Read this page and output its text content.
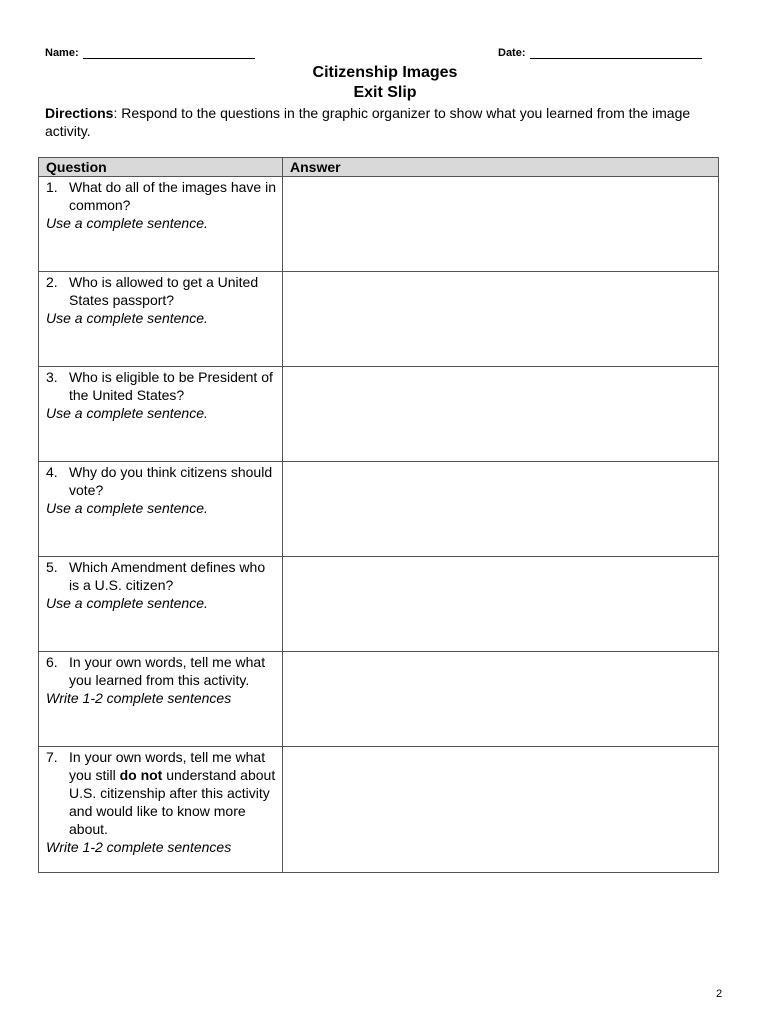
Name:	Date:
Citizenship Images
Exit Slip
Directions: Respond to the questions in the graphic organizer to show what you learned from the image activity.
Question	Answer

1. What do all of the images have in common?
Use a complete sentence.	

2. Who is allowed to get a United States passport?
Use a complete sentence.	

3. Who is eligible to be President of the United States?
Use a complete sentence.	

4. Why do you think citizens should vote?
Use a complete sentence.	

5. Which Amendment defines who is a U.S. citizen?
Use a complete sentence.	

6. In your own words, tell me what you learned from this activity.
Write 1-2 complete sentences	

7. In your own words, tell me what you still do not understand about U.S. citizenship after this activity and would like to know more about.
Write 1-2 complete sentences	

2
